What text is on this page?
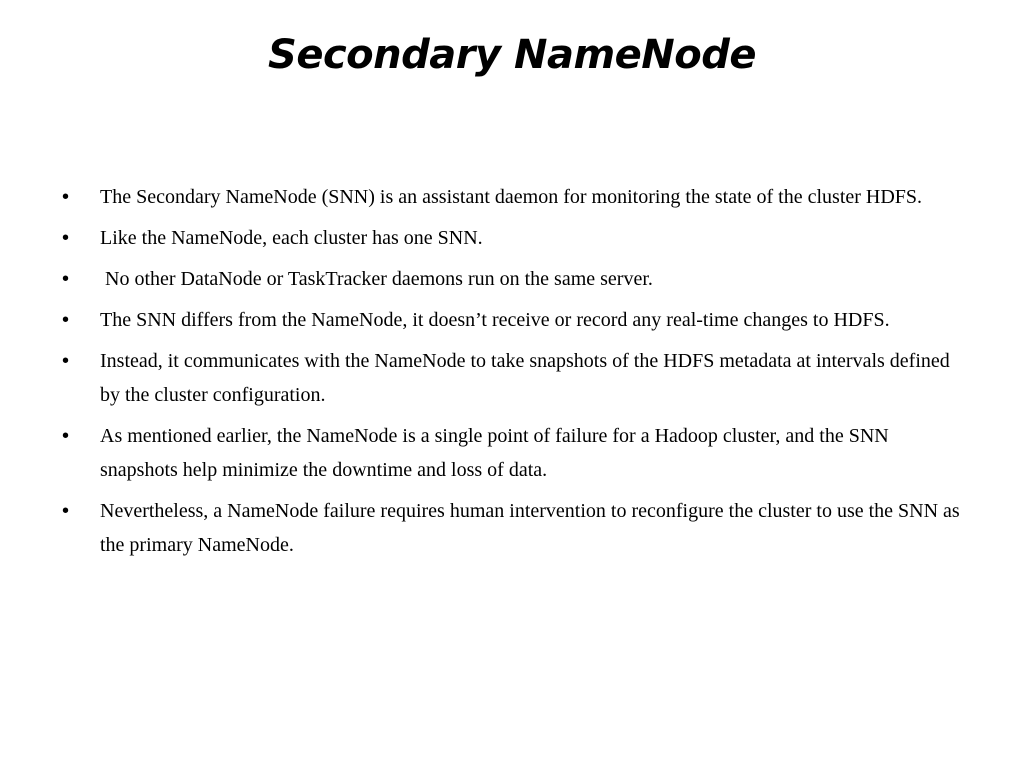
Secondary NameNode
•	The Secondary NameNode (SNN) is an assistant daemon for monitoring the state of the cluster HDFS.
•	Like the NameNode, each cluster has one SNN.
•	No other DataNode or TaskTracker daemons run on the same server.
•	The SNN differs from the NameNode, it doesn’t receive or record any real-time changes to HDFS.
•	Instead, it communicates with the NameNode to take snapshots of the HDFS metadata at intervals defined by the cluster configuration.
•	As mentioned earlier, the NameNode is a single point of failure for a Hadoop cluster, and the SNN snapshots help minimize the downtime and loss of data.
•	Nevertheless, a NameNode failure requires human intervention to reconfigure the cluster to use the SNN as the primary NameNode.
